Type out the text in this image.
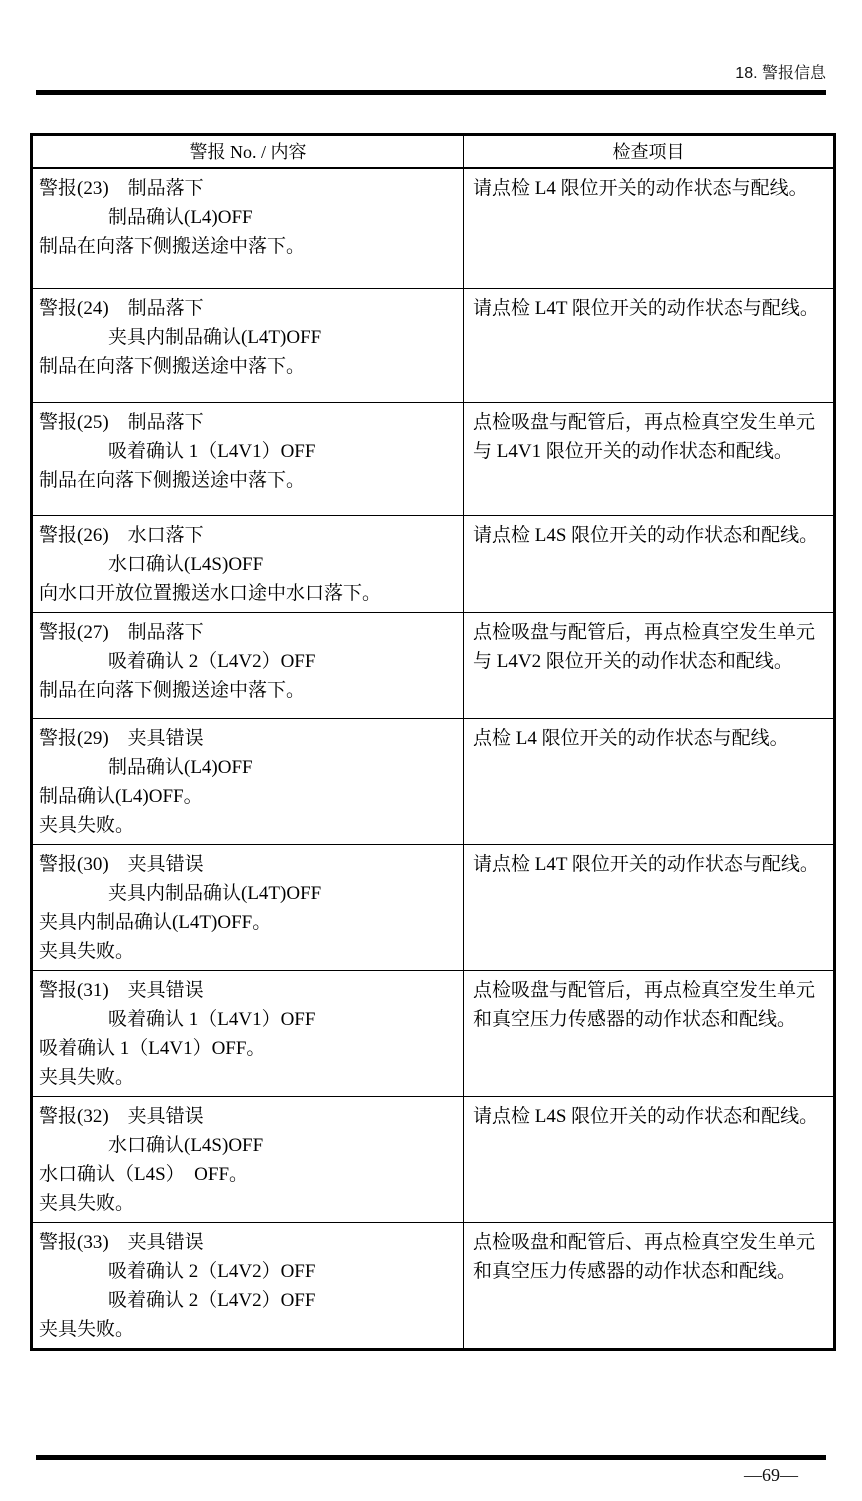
18. 警报信息
警报 No. / 内容	检查项目

警报(23)　制品落下
制品确认(L4)OFF
制品在向落下侧搬送途中落下。	请点检 L4 限位开关的动作状态与配线。

警报(24)　制品落下
夹具内制品确认(L4T)OFF
制品在向落下侧搬送途中落下。	请点检 L4T 限位开关的动作状态与配线。

警报(25)　制品落下
吸着确认 1（L4V1）OFF
制品在向落下侧搬送途中落下。	点检吸盘与配管后，再点检真空发生单元与 L4V1 限位开关的动作状态和配线。

警报(26)　水口落下
水口确认(L4S)OFF
向水口开放位置搬送水口途中水口落下。	请点检 L4S 限位开关的动作状态和配线。

警报(27)　制品落下
吸着确认 2（L4V2）OFF
制品在向落下侧搬送途中落下。	点检吸盘与配管后，再点检真空发生单元与 L4V2 限位开关的动作状态和配线。

警报(29)　夹具错误
制品确认(L4)OFF
制品确认(L4)OFF。
夹具失败。	点检 L4 限位开关的动作状态与配线。

警报(30)　夹具错误
夹具内制品确认(L4T)OFF
夹具内制品确认(L4T)OFF。
夹具失败。	请点检 L4T 限位开关的动作状态与配线。

警报(31)　夹具错误
吸着确认 1（L4V1）OFF
吸着确认 1（L4V1）OFF。
夹具失败。	点检吸盘与配管后，再点检真空发生单元和真空压力传感器的动作状态和配线。

警报(32)　夹具错误
水口确认(L4S)OFF
水口确认（L4S）　OFF。
夹具失败。	请点检 L4S 限位开关的动作状态和配线。

警报(33)　夹具错误
吸着确认 2（L4V2）OFF
吸着确认 2（L4V2）OFF
夹具失败。	点检吸盘和配管后、再点检真空发生单元和真空压力传感器的动作状态和配线。
—69—
